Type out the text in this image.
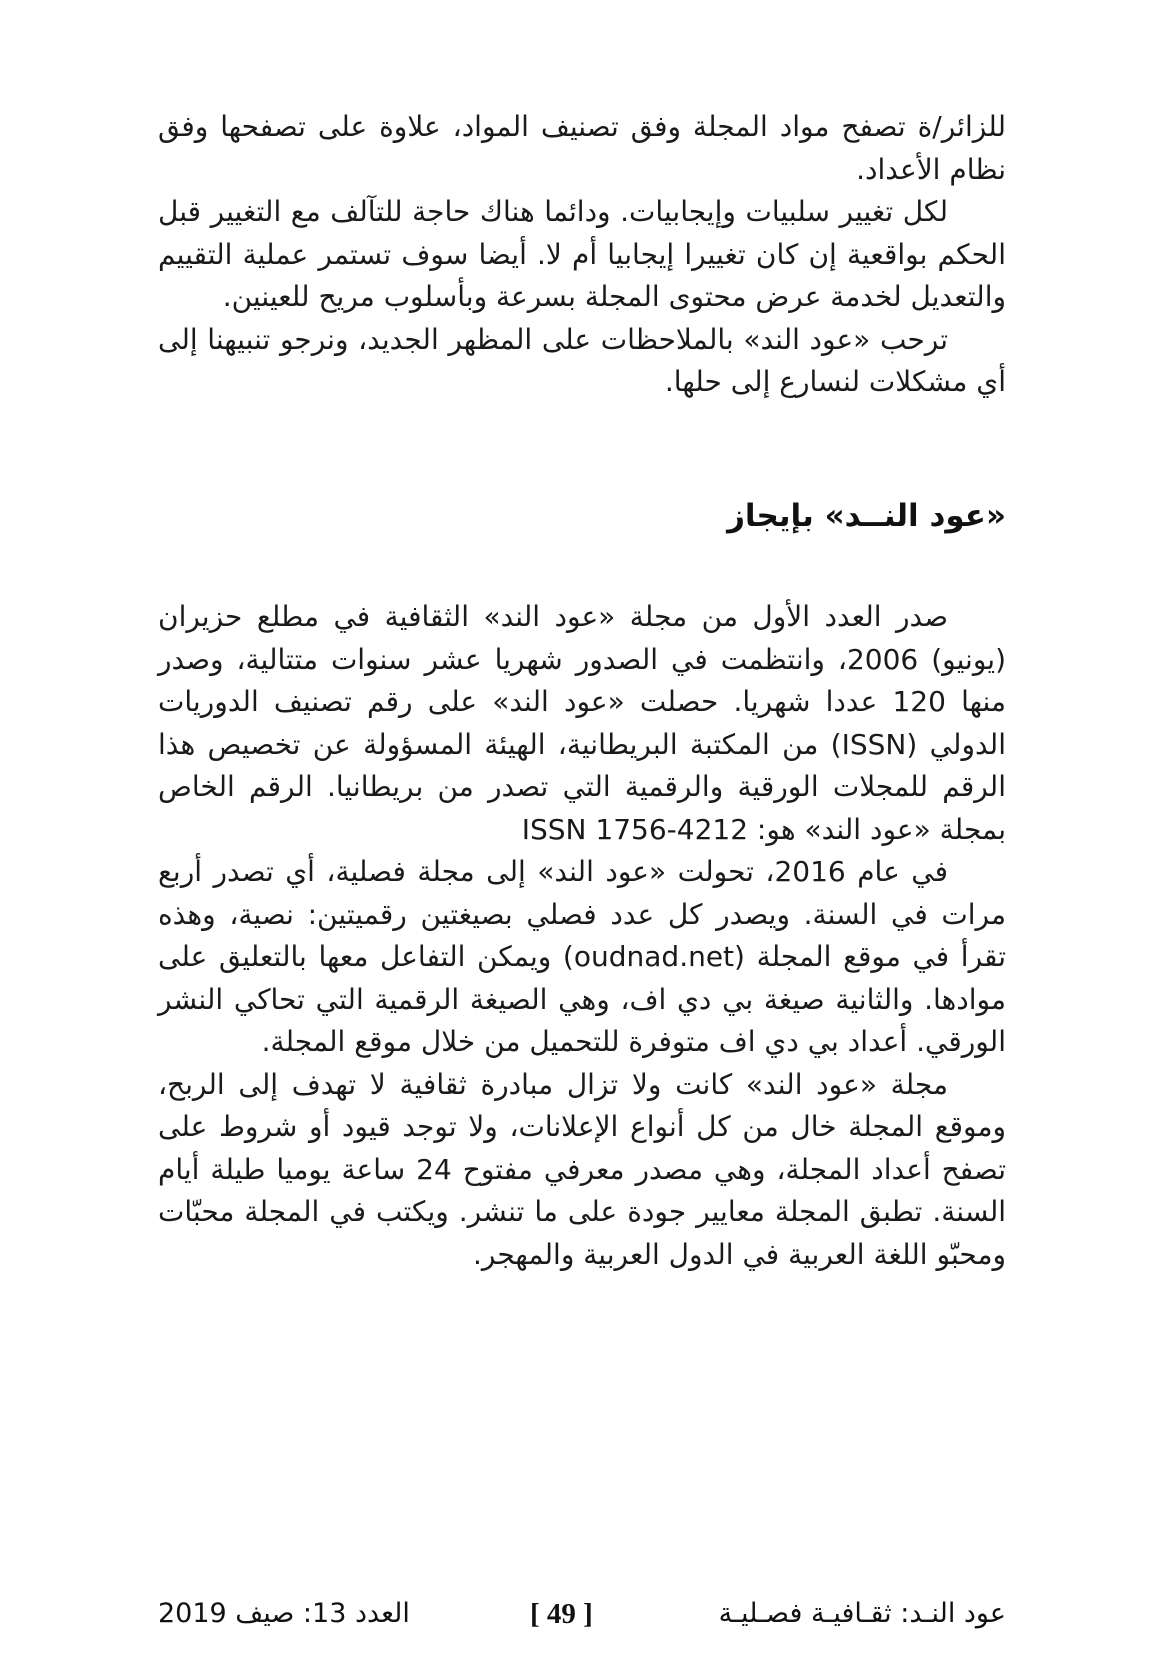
للزائر/ة تصفح مواد المجلة وفق تصنيف المواد، علاوة على تصفحها وفق نظام الأعداد.

لكل تغيير سلبيات وإيجابيات. ودائما هناك حاجة للتآلف مع التغيير قبل الحكم بواقعية إن كان تغييرا إيجابيا أم لا. أيضا سوف تستمر عملية التقييم والتعديل لخدمة عرض محتوى المجلة بسرعة وبأسلوب مريح للعينين.

ترحب «عود الند» بالملاحظات على المظهر الجديد، ونرجو تنبيهنا إلى أي مشكلات لنسارع إلى حلها.

«عود النــد» بإيجاز

صدر العدد الأول من مجلة «عود الند» الثقافية في مطلع حزيران (يونيو) 2006، وانتظمت في الصدور شهريا عشر سنوات متتالية، وصدر منها 120 عددا شهريا. حصلت «عود الند» على رقم تصنيف الدوريات الدولي (ISSN) من المكتبة البريطانية، الهيئة المسؤولة عن تخصيص هذا الرقم للمجلات الورقية والرقمية التي تصدر من بريطانيا. الرقم الخاص بمجلة «عود الند» هو: ISSN 1756-4212

في عام 2016، تحولت «عود الند» إلى مجلة فصلية، أي تصدر أربع مرات في السنة. ويصدر كل عدد فصلي بصيغتين رقميتين: نصية، وهذه تقرأ في موقع المجلة (oudnad.net) ويمكن التفاعل معها بالتعليق على موادها. والثانية صيغة بي دي اف، وهي الصيغة الرقمية التي تحاكي النشر الورقي. أعداد بي دي اف متوفرة للتحميل من خلال موقع المجلة.

مجلة «عود الند» كانت ولا تزال مبادرة ثقافية لا تهدف إلى الربح، وموقع المجلة خال من كل أنواع الإعلانات، ولا توجد قيود أو شروط على تصفح أعداد المجلة، وهي مصدر معرفي مفتوح 24 ساعة يوميا طيلة أيام السنة. تطبق المجلة معايير جودة على ما تنشر. ويكتب في المجلة محبّات ومحبّو اللغة العربية في الدول العربية والمهجر.

عود النـد: ثقـافيـة فصـليـة
[ 49 ]
العدد 13: صيف 2019
